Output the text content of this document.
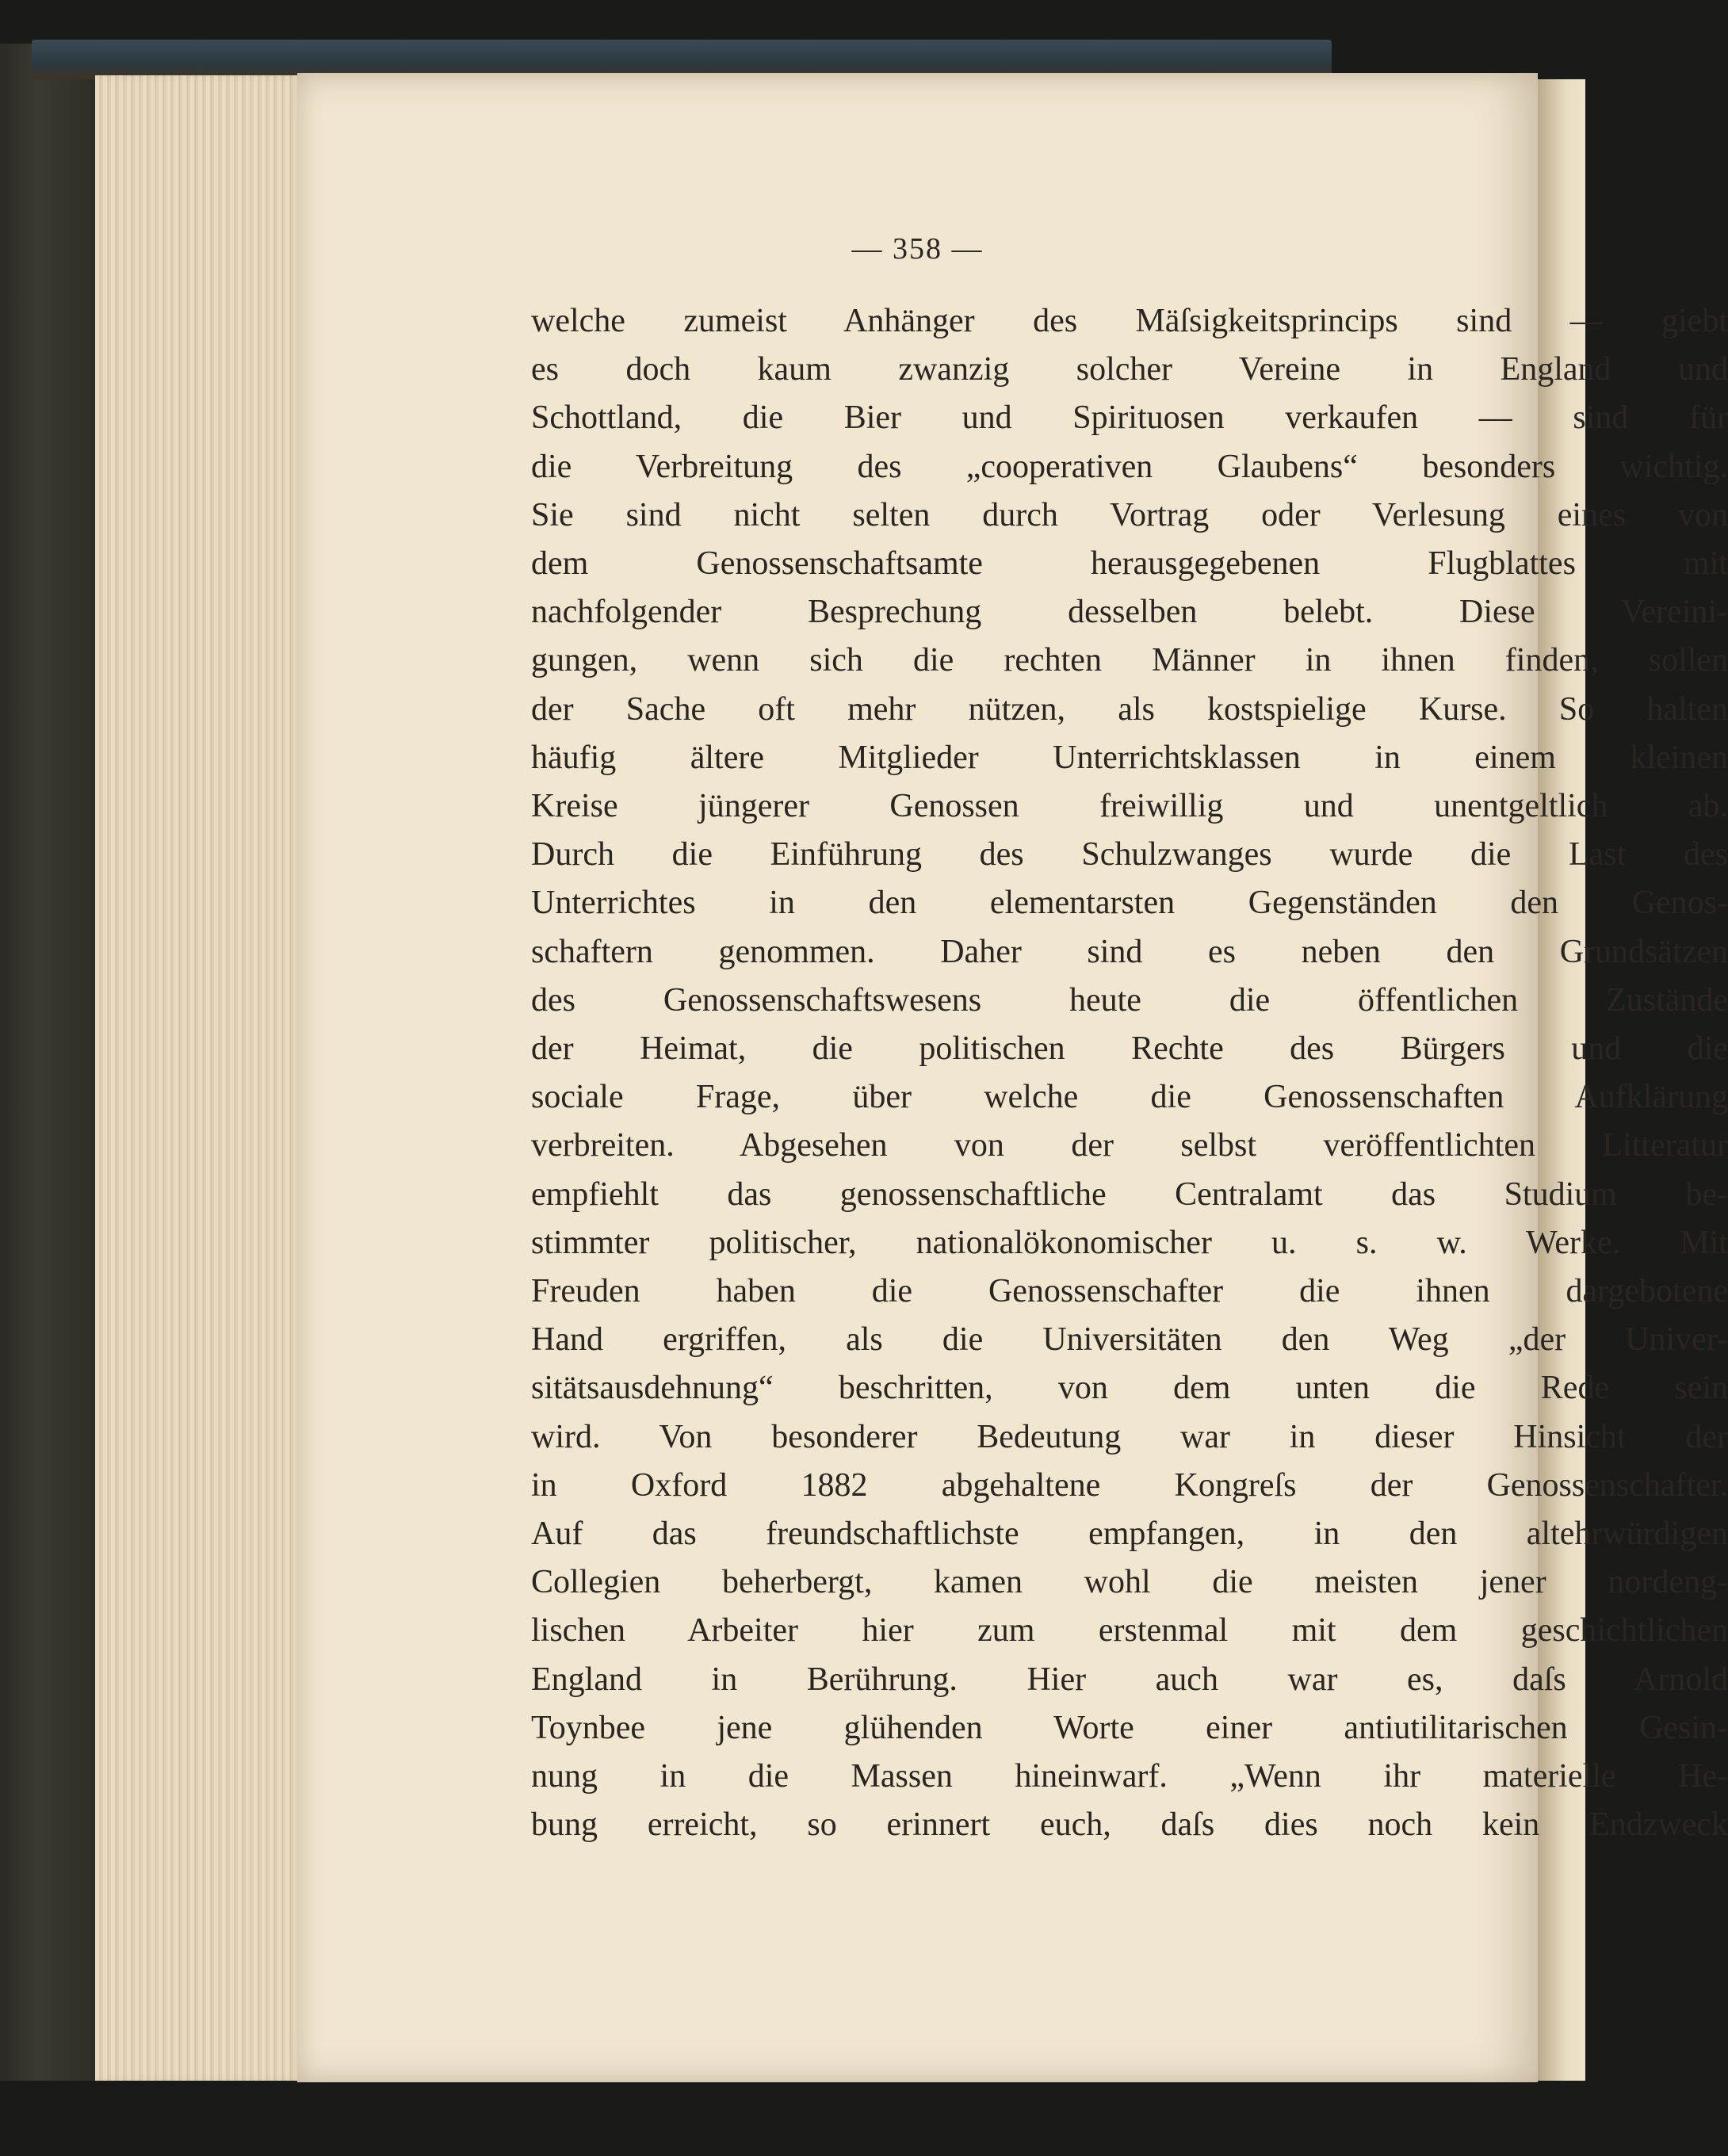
— 358 —
welche zumeist Anhänger des Mäſsigkeitsprincips sind — giebt
es doch kaum zwanzig solcher Vereine in England und
Schottland, die Bier und Spirituosen verkaufen — sind für
die Verbreitung des „cooperativen Glaubens“ besonders wichtig.
Sie sind nicht selten durch Vortrag oder Verlesung eines von
dem Genossenschaftsamte herausgegebenen Flugblattes mit
nachfolgender Besprechung desselben belebt. Diese Vereini-
gungen, wenn sich die rechten Männer in ihnen finden, sollen
der Sache oft mehr nützen, als kostspielige Kurse. So halten
häufig ältere Mitglieder Unterrichtsklassen in einem kleinen
Kreise jüngerer Genossen freiwillig und unentgeltlich ab.
Durch die Einführung des Schulzwanges wurde die Last des
Unterrichtes in den elementarsten Gegenständen den Genos-
schaftern genommen. Daher sind es neben den Grundsätzen
des Genossenschaftswesens heute die öffentlichen Zustände
der Heimat, die politischen Rechte des Bürgers und die
sociale Frage, über welche die Genossenschaften Aufklärung
verbreiten. Abgesehen von der selbst veröffentlichten Litteratur
empfiehlt das genossenschaftliche Centralamt das Studium be-
stimmter politischer, nationalökonomischer u. s. w. Werke. Mit
Freuden haben die Genossenschafter die ihnen dargebotene
Hand ergriffen, als die Universitäten den Weg „der Univer-
sitätsausdehnung“ beschritten, von dem unten die Rede sein
wird. Von besonderer Bedeutung war in dieser Hinsicht der
in Oxford 1882 abgehaltene Kongreſs der Genossenschafter.
Auf das freundschaftlichste empfangen, in den altehrwürdigen
Collegien beherbergt, kamen wohl die meisten jener nordeng-
lischen Arbeiter hier zum erstenmal mit dem geschichtlichen
England in Berührung. Hier auch war es, daſs Arnold
Toynbee jene glühenden Worte einer antiutilitarischen Gesin-
nung in die Massen hineinwarf. „Wenn ihr materielle He-
bung erreicht, so erinnert euch, daſs dies noch kein Endzweck
